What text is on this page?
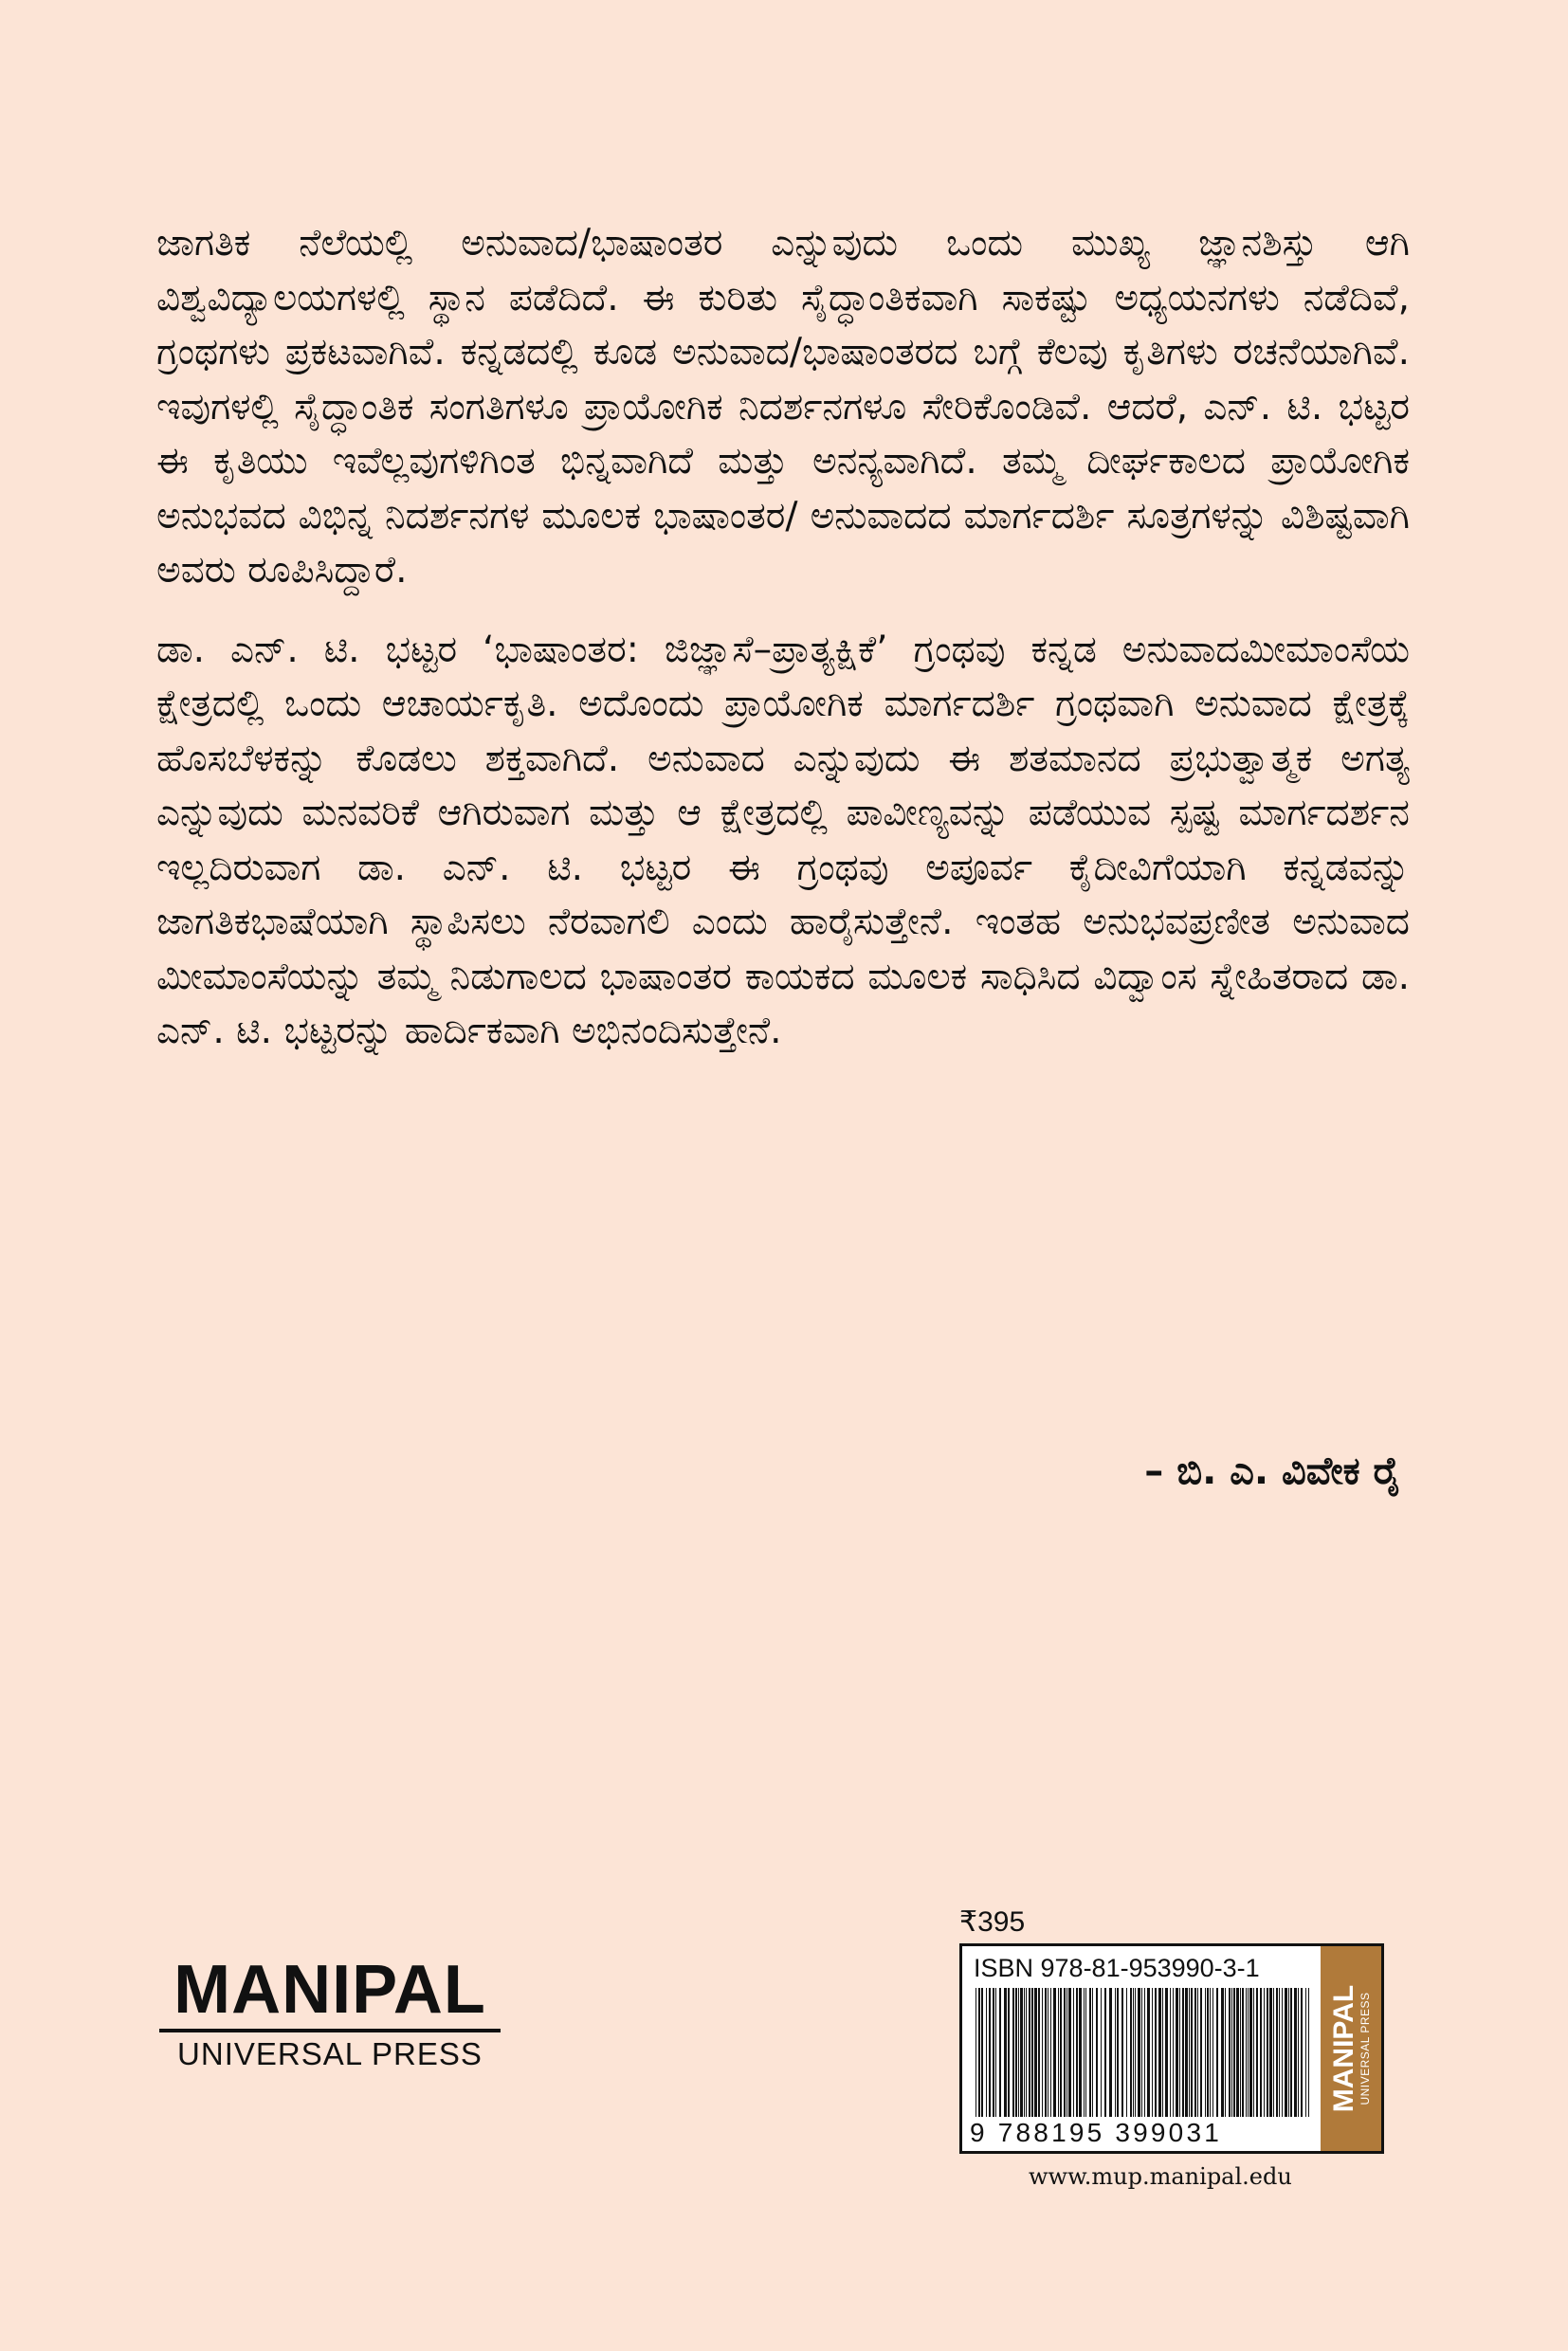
ಜಾಗತಿಕ ನೆಲೆಯಲ್ಲಿ ಅನುವಾದ/ಭಾಷಾಂತರ ಎನ್ನುವುದು ಒಂದು ಮುಖ್ಯ ಜ್ಞಾನಶಿಸ್ತು ಆಗಿ ವಿಶ್ವವಿದ್ಯಾಲಯಗಳಲ್ಲಿ ಸ್ಥಾನ ಪಡೆದಿದೆ. ಈ ಕುರಿತು ಸೈದ್ಧಾಂತಿಕವಾಗಿ ಸಾಕಷ್ಟು ಅಧ್ಯಯನಗಳು ನಡೆದಿವೆ, ಗ್ರಂಥಗಳು ಪ್ರಕಟವಾಗಿವೆ. ಕನ್ನಡದಲ್ಲಿ ಕೂಡ ಅನುವಾದ/ಭಾಷಾಂತರದ ಬಗ್ಗೆ ಕೆಲವು ಕೃತಿಗಳು ರಚನೆಯಾಗಿವೆ. ಇವುಗಳಲ್ಲಿ ಸೈದ್ಧಾಂತಿಕ ಸಂಗತಿಗಳೂ ಪ್ರಾಯೋಗಿಕ ನಿದರ್ಶನಗಳೂ ಸೇರಿಕೊಂಡಿವೆ. ಆದರೆ, ಎನ್. ಟಿ. ಭಟ್ಟರ ಈ ಕೃತಿಯು ಇವೆಲ್ಲವುಗಳಿಗಿಂತ ಭಿನ್ನವಾಗಿದೆ ಮತ್ತು ಅನನ್ಯವಾಗಿದೆ. ತಮ್ಮ ದೀರ್ಘಕಾಲದ ಪ್ರಾಯೋಗಿಕ ಅನುಭವದ ವಿಭಿನ್ನ ನಿದರ್ಶನಗಳ ಮೂಲಕ ಭಾಷಾಂತರ/ ಅನುವಾದದ ಮಾರ್ಗದರ್ಶಿ ಸೂತ್ರಗಳನ್ನು ವಿಶಿಷ್ಟವಾಗಿ ಅವರು ರೂಪಿಸಿದ್ದಾರೆ.

ಡಾ. ಎನ್. ಟಿ. ಭಟ್ಟರ ‘ಭಾಷಾಂತರ: ಜಿಜ್ಞಾಸೆ–ಪ್ರಾತ್ಯಕ್ಷಿಕೆ’ ಗ್ರಂಥವು ಕನ್ನಡ ಅನುವಾದಮೀಮಾಂಸೆಯ ಕ್ಷೇತ್ರದಲ್ಲಿ ಒಂದು ಆಚಾರ್ಯಕೃತಿ. ಅದೊಂದು ಪ್ರಾಯೋಗಿಕ ಮಾರ್ಗದರ್ಶಿ ಗ್ರಂಥವಾಗಿ ಅನುವಾದ ಕ್ಷೇತ್ರಕ್ಕೆ ಹೊಸಬೆಳಕನ್ನು ಕೊಡಲು ಶಕ್ತವಾಗಿದೆ. ಅನುವಾದ ಎನ್ನುವುದು ಈ ಶತಮಾನದ ಪ್ರಭುತ್ವಾತ್ಮಕ ಅಗತ್ಯ ಎನ್ನುವುದು ಮನವರಿಕೆ ಆಗಿರುವಾಗ ಮತ್ತು ಆ ಕ್ಷೇತ್ರದಲ್ಲಿ ಪಾವೀಣ್ಯವನ್ನು ಪಡೆಯುವ ಸ್ಪಷ್ಟ ಮಾರ್ಗದರ್ಶನ ಇಲ್ಲದಿರುವಾಗ ಡಾ. ಎನ್. ಟಿ. ಭಟ್ಟರ ಈ ಗ್ರಂಥವು ಅಪೂರ್ವ ಕೈದೀವಿಗೆಯಾಗಿ ಕನ್ನಡವನ್ನು ಜಾಗತಿಕಭಾಷೆಯಾಗಿ ಸ್ಥಾಪಿಸಲು ನೆರವಾಗಲಿ ಎಂದು ಹಾರೈಸುತ್ತೇನೆ. ಇಂತಹ ಅನುಭವಪ್ರಣೀತ ಅನುವಾದ ಮೀಮಾಂಸೆಯನ್ನು ತಮ್ಮ ನಿಡುಗಾಲದ ಭಾಷಾಂತರ ಕಾಯಕದ ಮೂಲಕ ಸಾಧಿಸಿದ ವಿದ್ವಾಂಸ ಸ್ನೇಹಿತರಾದ ಡಾ. ಎನ್. ಟಿ. ಭಟ್ಟರನ್ನು ಹಾರ್ದಿಕವಾಗಿ ಅಭಿನಂದಿಸುತ್ತೇನೆ.

– ಬಿ. ಎ. ವಿವೇಕ ರೈ
MANIPAL
UNIVERSAL PRESS
₹395
ISBN 978-81-953990-3-1
9 788195 399031
MANIPAL UNIVERSAL PRESS
www.mup.manipal.edu
